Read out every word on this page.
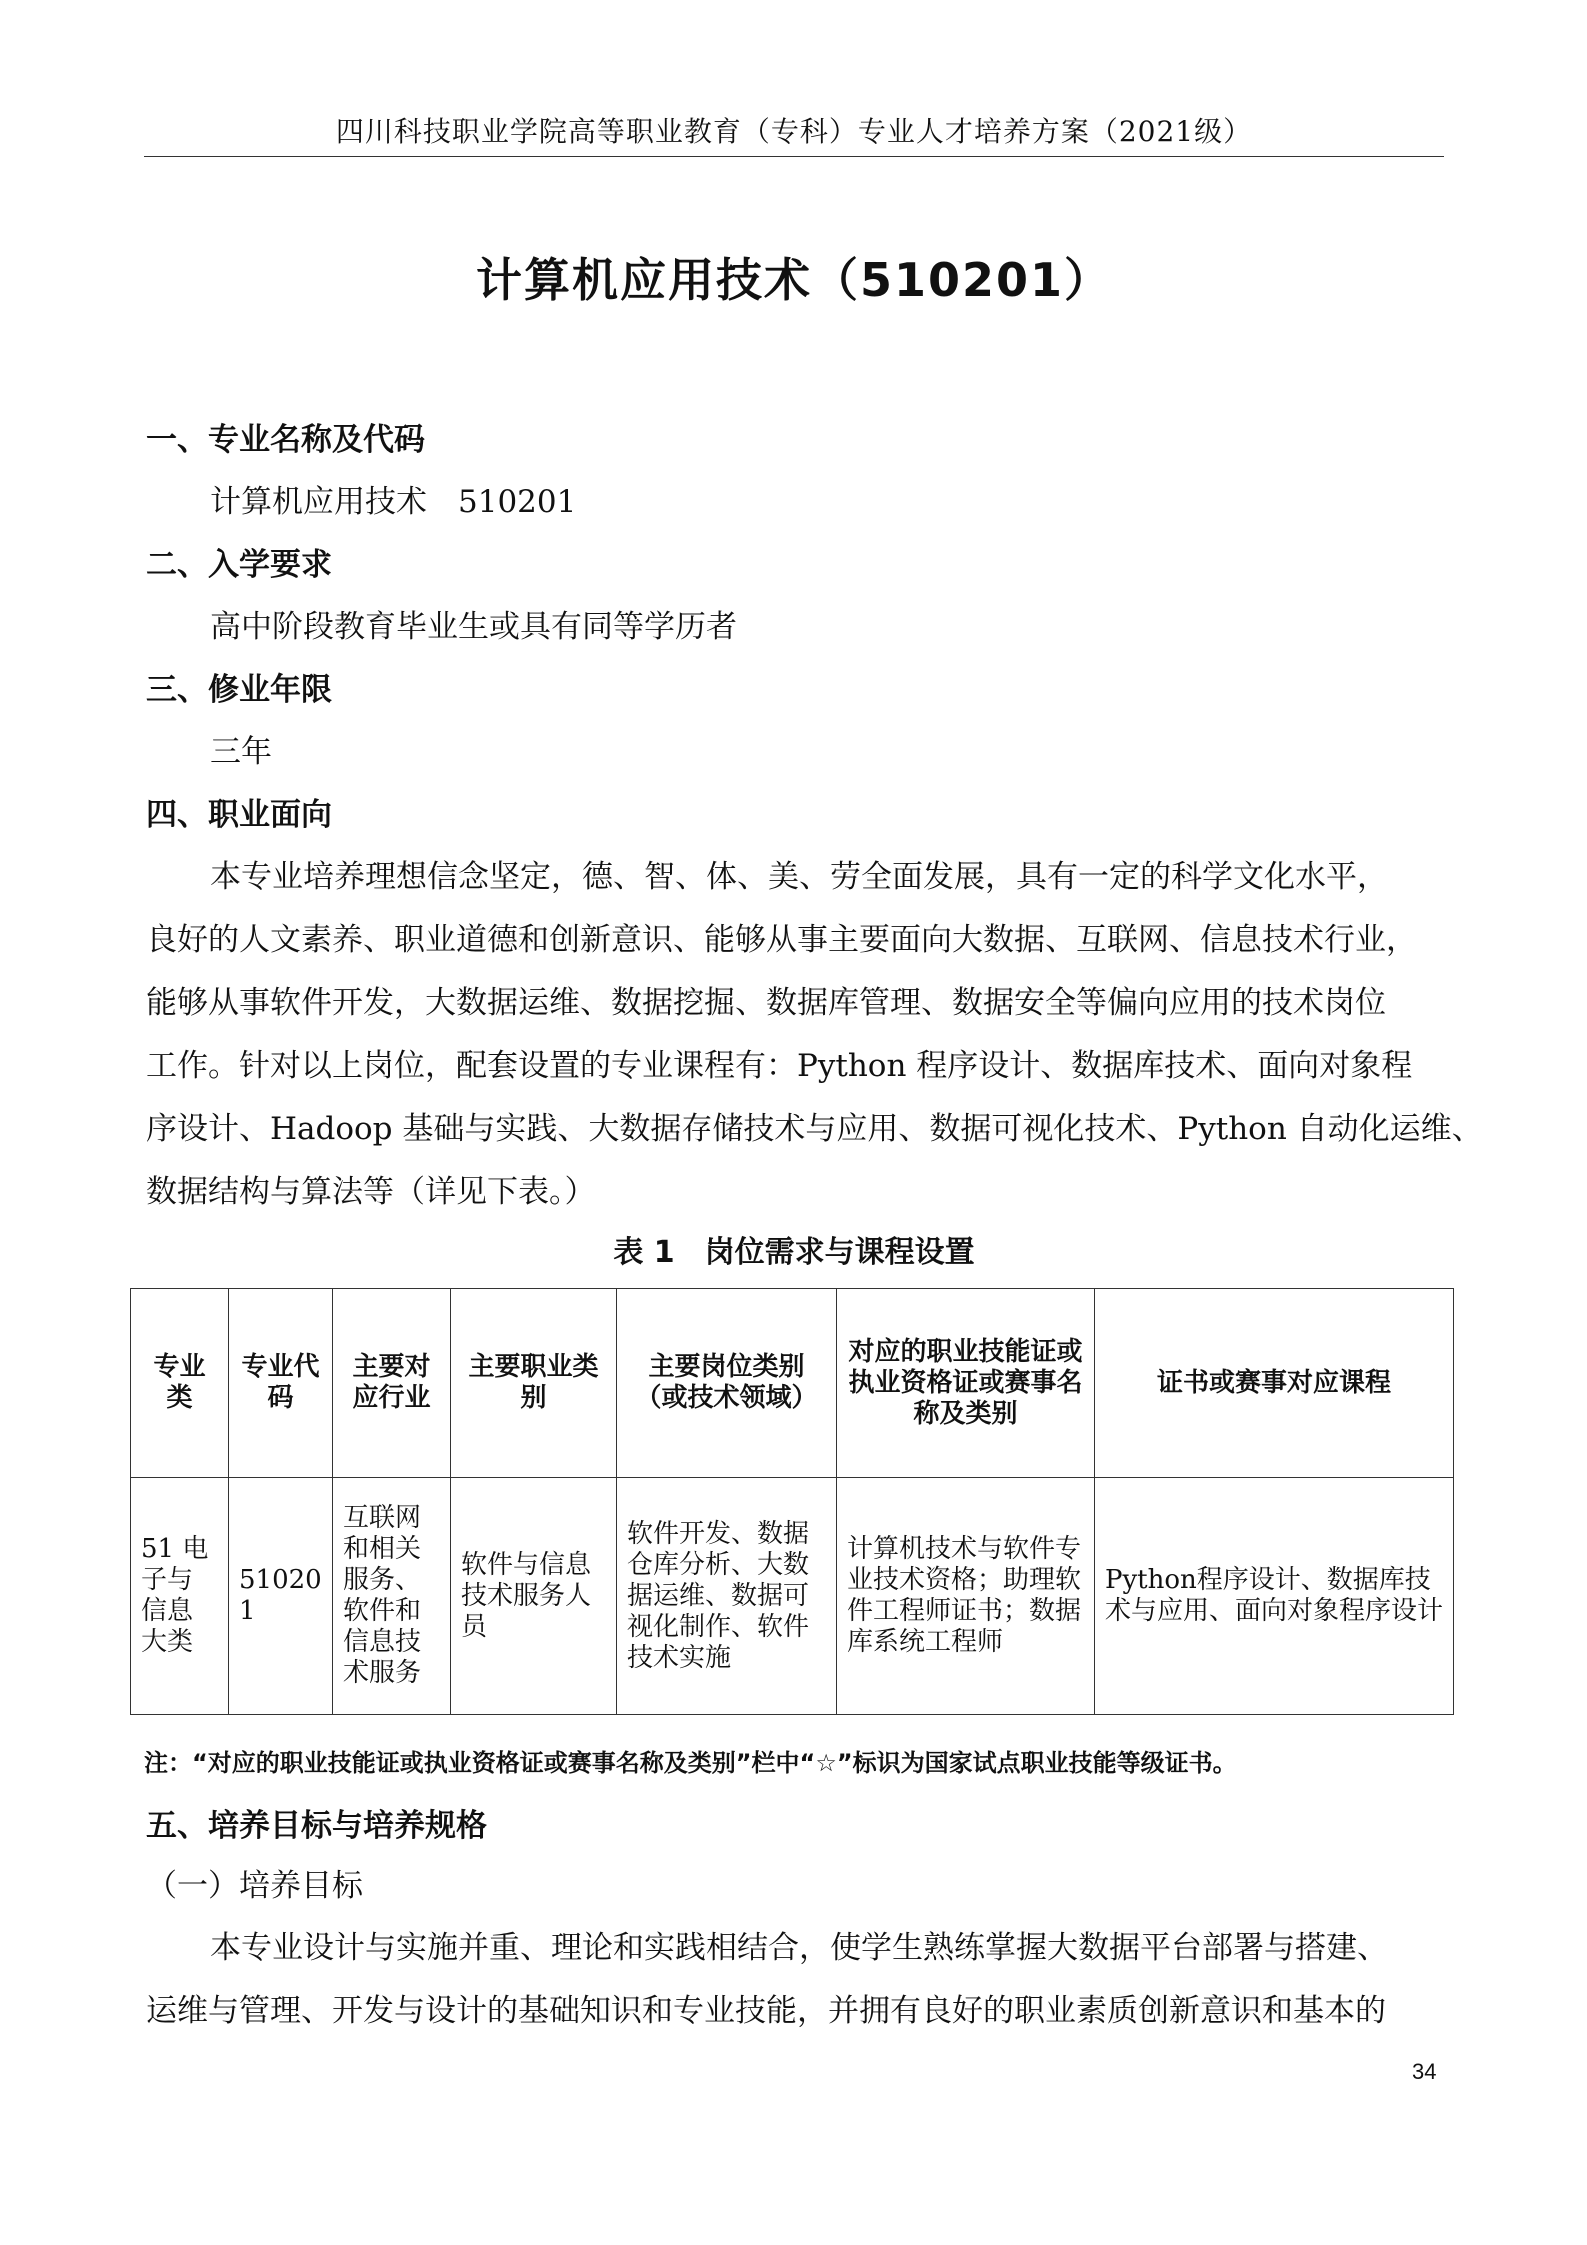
四川科技职业学院高等职业教育（专科）专业人才培养方案（2021级）
计算机应用技术（510201）
一、专业名称及代码
计算机应用技术　510201
二、入学要求
高中阶段教育毕业生或具有同等学历者
三、修业年限
三年
四、职业面向
本专业培养理想信念坚定，德、智、体、美、劳全面发展，具有一定的科学文化水平，
良好的人文素养、职业道德和创新意识、能够从事主要面向大数据、互联网、信息技术行业，
能够从事软件开发，大数据运维、数据挖掘、数据库管理、数据安全等偏向应用的技术岗位
工作。针对以上岗位，配套设置的专业课程有：Python 程序设计、数据库技术、面向对象程
序设计、Hadoop 基础与实践、大数据存储技术与应用、数据可视化技术、Python 自动化运维、
数据结构与算法等（详见下表。）
表 1　岗位需求与课程设置
专业类	专业代码	主要对应行业	主要职业类别	主要岗位类别（或技术领域）	对应的职业技能证或执业资格证或赛事名称及类别	证书或赛事对应课程
51 电子与信息大类	510201	互联网和相关服务、软件和信息技术服务	软件与信息技术服务人员	软件开发、数据仓库分析、大数据运维、数据可视化制作、软件技术实施	计算机技术与软件专业技术资格；助理软件工程师证书；数据库系统工程师	Python程序设计、数据库技术与应用、面向对象程序设计
注：“对应的职业技能证或执业资格证或赛事名称及类别”栏中“☆”标识为国家试点职业技能等级证书。
五、培养目标与培养规格
（一）培养目标
本专业设计与实施并重、理论和实践相结合，使学生熟练掌握大数据平台部署与搭建、
运维与管理、开发与设计的基础知识和专业技能，并拥有良好的职业素质创新意识和基本的
34
